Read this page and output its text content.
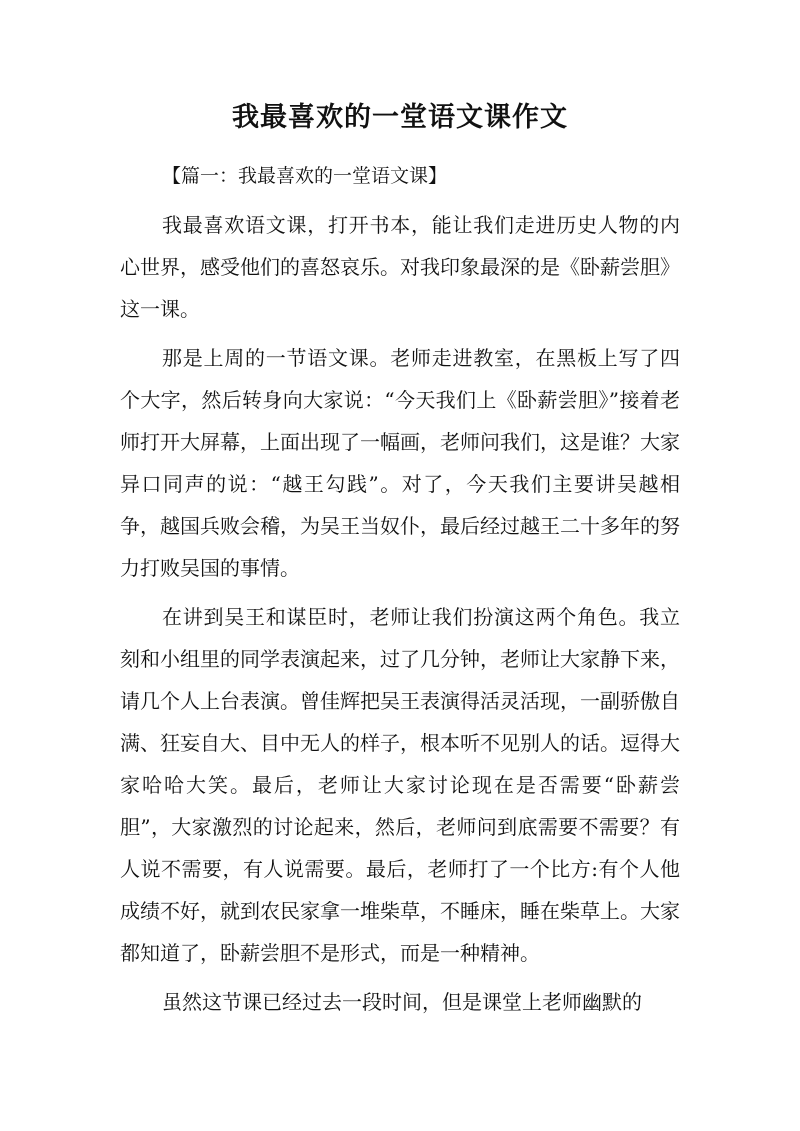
我最喜欢的一堂语文课作文

【篇一：我最喜欢的一堂语文课】

我最喜欢语文课，打开书本，能让我们走进历史人物的内心世界，感受他们的喜怒哀乐。对我印象最深的是《卧薪尝胆》这一课。

那是上周的一节语文课。老师走进教室，在黑板上写了四个大字，然后转身向大家说：“今天我们上《卧薪尝胆》”接着老师打开大屏幕，上面出现了一幅画，老师问我们，这是谁？大家异口同声的说：“越王勾践”。对了，今天我们主要讲吴越相争，越国兵败会稽，为吴王当奴仆，最后经过越王二十多年的努力打败吴国的事情。

在讲到吴王和谋臣时，老师让我们扮演这两个角色。我立刻和小组里的同学表演起来，过了几分钟，老师让大家静下来，请几个人上台表演。曾佳辉把吴王表演得活灵活现，一副骄傲自满、狂妄自大、目中无人的样子，根本听不见别人的话。逗得大家哈哈大笑。最后，老师让大家讨论现在是否需要“卧薪尝胆”，大家激烈的讨论起来，然后，老师问到底需要不需要？有人说不需要，有人说需要。最后，老师打了一个比方:有个人他成绩不好，就到农民家拿一堆柴草，不睡床，睡在柴草上。大家都知道了，卧薪尝胆不是形式，而是一种精神。

虽然这节课已经过去一段时间，但是课堂上老师幽默的
